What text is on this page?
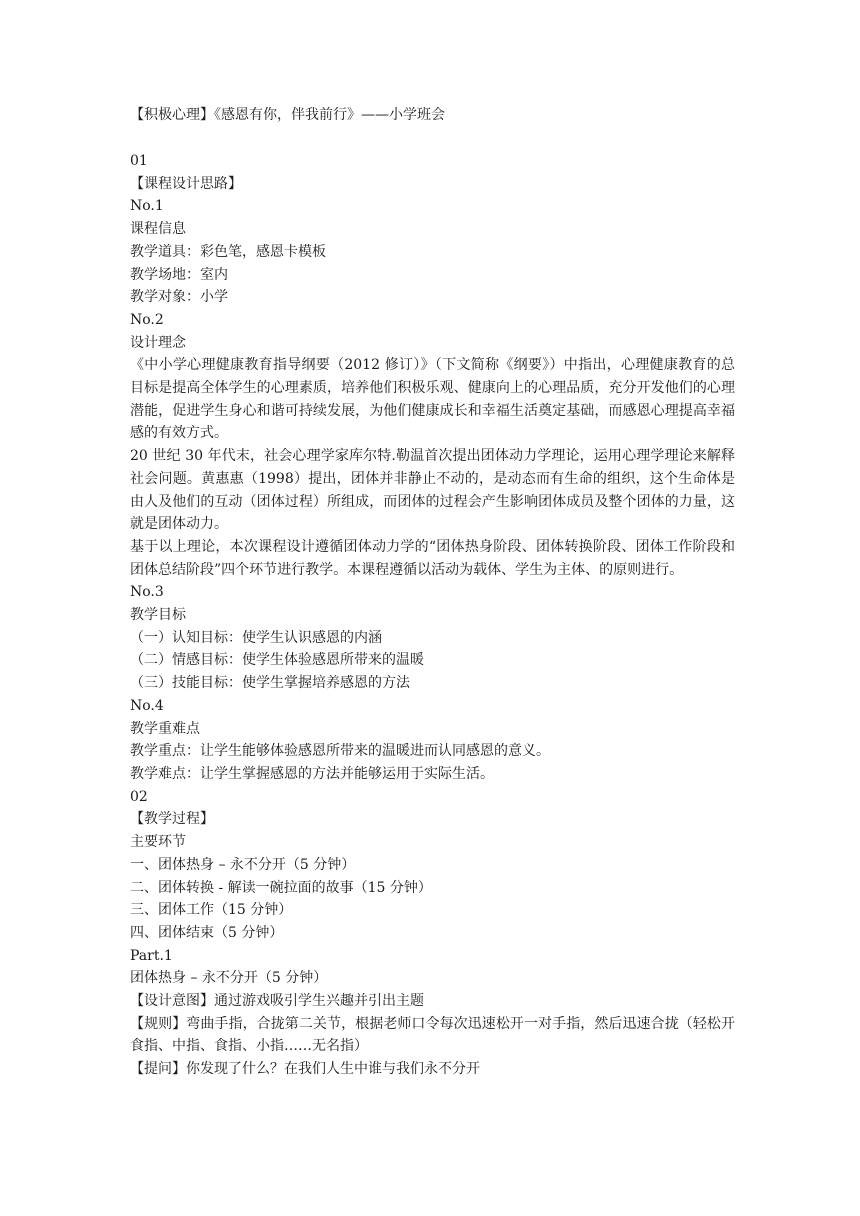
【积极心理】《感恩有你，伴我前行》——小学班会
01
【课程设计思路】
No.1
课程信息
教学道具：彩色笔，感恩卡模板
教学场地：室内
教学对象：小学
No.2
设计理念
《中小学心理健康教育指导纲要（2012 修订）》（下文简称《纲要》）中指出，心理健康教育的总目标是提高全体学生的心理素质，培养他们积极乐观、健康向上的心理品质，充分开发他们的心理潜能，促进学生身心和谐可持续发展，为他们健康成长和幸福生活奠定基础，而感恩心理提高幸福感的有效方式。
20 世纪 30 年代末，社会心理学家库尔特.勒温首次提出团体动力学理论，运用心理学理论来解释社会问题。黄惠惠（1998）提出，团体并非静止不动的，是动态而有生命的组织，这个生命体是由人及他们的互动（团体过程）所组成，而团体的过程会产生影响团体成员及整个团体的力量，这就是团体动力。
基于以上理论，本次课程设计遵循团体动力学的“团体热身阶段、团体转换阶段、团体工作阶段和团体总结阶段”四个环节进行教学。本课程遵循以活动为载体、学生为主体、的原则进行。
No.3
教学目标
（一）认知目标：使学生认识感恩的内涵
（二）情感目标：使学生体验感恩所带来的温暖
（三）技能目标：使学生掌握培养感恩的方法
No.4
教学重难点
教学重点：让学生能够体验感恩所带来的温暖进而认同感恩的意义。
教学难点：让学生掌握感恩的方法并能够运用于实际生活。
02
【教学过程】
主要环节
一、团体热身 – 永不分开（5 分钟）
二、团体转换 - 解读一碗拉面的故事（15 分钟）
三、团体工作（15 分钟）
四、团体结束（5 分钟）
Part.1
团体热身 – 永不分开（5 分钟）
【设计意图】通过游戏吸引学生兴趣并引出主题
【规则】弯曲手指，合拢第二关节，根据老师口令每次迅速松开一对手指，然后迅速合拢（轻松开 食指、中指、食指、小指……无名指）
【提问】你发现了什么？在我们人生中谁与我们永不分开
